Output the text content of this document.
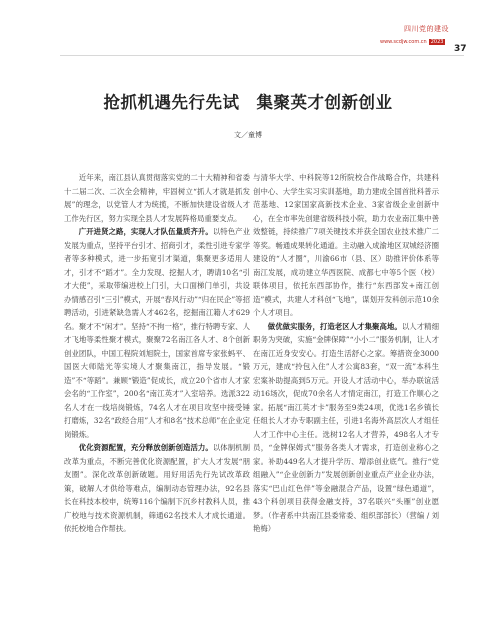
四川党的建设
www.scdjw.com.cn 2023
37
抢抓机遇先行先试　集聚英才创新创业
文／童博

近年来，南江县认真贯彻落实党的二十大精神和省委十二届二次、二次全会精神，牢固树立“抓人才就是抓发展”的理念，以党管人才为统揽，不断加快建设省级人才工作先行区，努力实现全县人才发展阵格局重要支点。

广开进贤之路，实现人才队伍量质齐升。以特色产业发展为重点，坚持平台引才、招商引才，柔性引进专家学者等多种模式，进一步拓宽引才渠道，集聚更多适用人才，引才不“蹈才”。全力发现、挖掘人才，聘请10名“引才大使”，采取带编进校上门引，大口面梯门单引，共设办情感召引“三引”模式，开展“春风行动”“归在民企”等招聘活动，引进紧缺急需人才462名，挖掘南江籍人才629名。聚才不“闲才”。坚持“不拘一格”，推行特聘专家、人才飞地等柔性聚才模式，聚聚72名南江各人才、8个创新创业团队，中国工程院刘旭院士，国家首席专家张蚂平、国医大师陆光等实境人才聚集南江，指导发展。“锻造”不“等蹈”。兼顾“锻造”促成长，成立20个省市人才家会名的“工作室”，200名“南江英才”入室培养。选派322名人才在一线培岗锻炼，74名人才在项目攻坚中接受锤打磨炼，32名“政经合用”人才和8名“技术总师”在企业定岗锻炼。

优化资源配置，充分释放创新创造活力。以体制机制改革为重点，不断完善优化资源配置，扩大人才发展“朋友圈”。深化改革创新破题。用好用活先行先试改革政策，破解人才供给等难点，编制动态管理办法，92名县长在科技本校申，统筹116个编制下沉乡村教科人员，推广校地与技术资源机制，筛通62名技术人才成长通道。依托校地合作帮扶。

与清华大学、中科院等12所院校合作战略合作，共建科创中心、大学生实习实训基地，助力建成全国首批科普示范基地、12家国家高新技术企业、3家省级企业创新中心，在全市率先创建省级科技小院，助力农业南江集中善效整链，持续推广7项关键技术并获全国农业技术推广二等奖。畅通成果转化通道。主动融入成渝地区双城经济圈建设的“人才圈”，川渝66市（县、区）助推评价体系等南江发展，成功建立华西医院、成都七中等5个医（校）联体项目，依托东西部协作，推行“东西部发+南江创造”模式，共建人才科创“飞地”，谋划开发科创示范10余个人才项目。

做优做实服务，打造老区人才集聚高地。以人才精细职务为突破，实施“金牌保障”“小小二”服务机制，让人才在南江近身安安心。打造生活舒心之家。筹措资金3000万元，建成“拎包入住”人才公寓83套，“双一流”本科生宏案补助提高到5万元。开设人才活动中心，举办联谊活动16场次，促成70余名人才情定南江，打造工作顺心之家。拓展“南江英才卡”服务至9类24项，优选1名乡镇长任组长人才办专职副主任，引进1名海外高层次人才组任人才工作中心主任。选树12名人才营养，498名人才专员，“金牌保姆式”服务各类人才需求，打造创业称心之家。补助449名人才提升学历、增添创业底气。推行“党组融入”“企业创新力”发展创新创业重点产业企业办法，落实“巴山红色伴”等金融混合产品，设置“绿色通道”，43个科创项目获得金融支持，37名联兴“头雁”创业愿梦。（作者系中共南江县委常委、组织部部长）（营编 / 刘艳梅）
